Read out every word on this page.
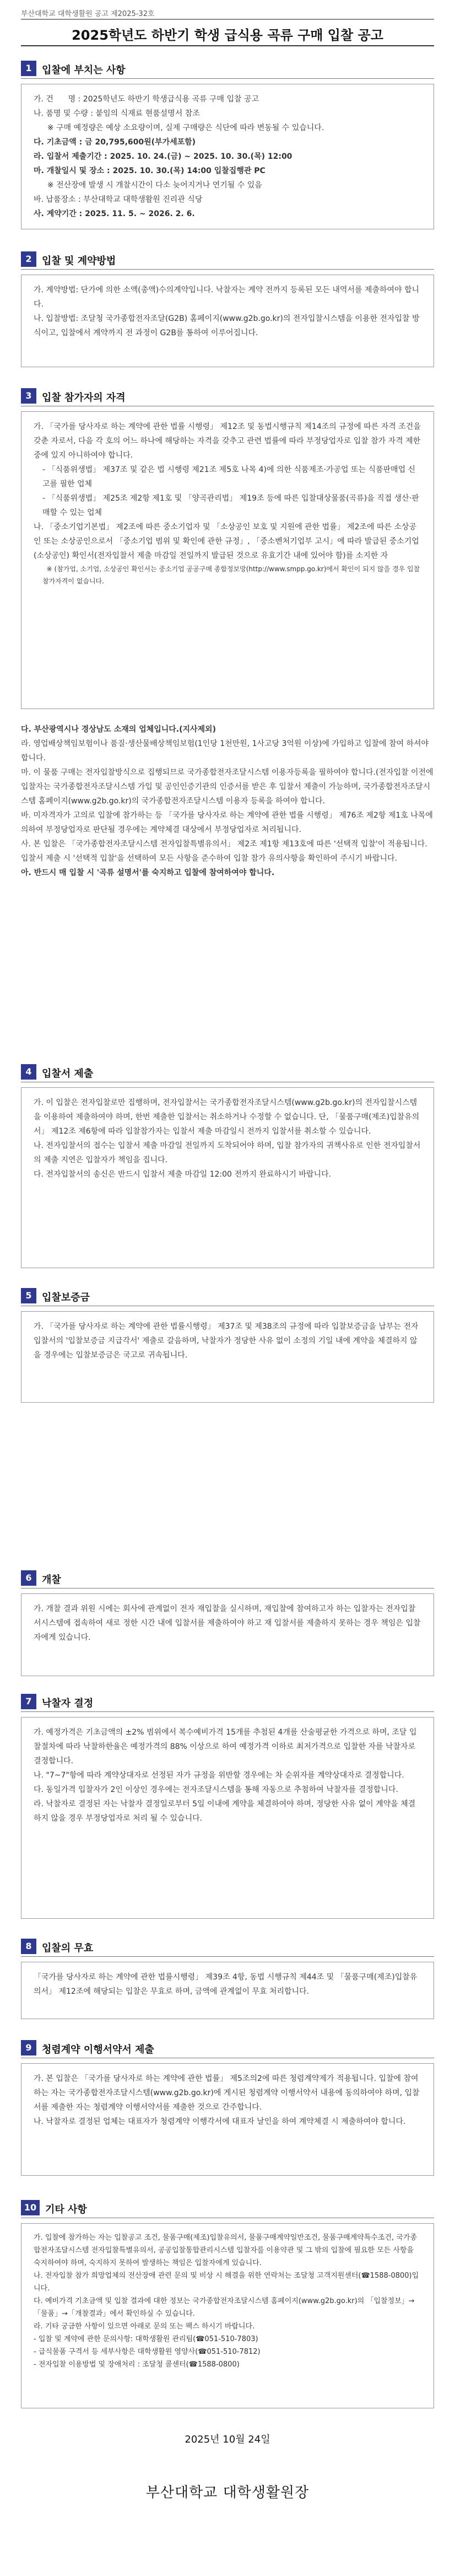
부산대학교 대학생활원 공고 제2025-32호
2025학년도 하반기 학생 급식용 곡류 구매 입찰 공고
1	입찰에 부치는 사항

가. 건      명 : 2025학년도 하반기 학생급식용 곡류 구매 입찰 공고

나. 품명 및 수량 : 붙임의 식재료 현품설명서 참조

※ 구매 예정량은 예상 소요량이며, 실제 구매량은 식단에 따라 변동될 수 있습니다.

다. 기초금액 : 금 20,795,600원(부가세포함)

라. 입찰서 제출기간 : 2025. 10. 24.(금) ~ 2025. 10. 30.(목) 12:00

마. 개찰일시 및 장소 : 2025. 10. 30.(목) 14:00 입찰집행관 PC

※ 전산장애 발생 시 개찰시간이 다소 늦어지거나 연기될 수 있음

바. 납품장소 : 부산대학교 대학생활원 진리관 식당

사. 계약기간 : 2025. 11. 5. ~ 2026. 2. 6.

2	입찰 및 계약방법

가. 계약방법: 단가에 의한 소액(총액)수의계약입니다. 낙찰자는 계약 전까지 등록된 모든 내역서를 제출하여야 합니다.

나. 입찰방법: 조달청 국가종합전자조달(G2B) 홈페이지(www.g2b.go.kr)의 전자입찰시스템을 이용한 전자입찰 방식이고, 입찰에서 계약까지 전 과정이 G2B를 통하여 이루어집니다.

3	입찰 참가자의 자격

가. 「국가를 당사자로 하는 계약에 관한 법률 시행령」 제12조 및 동법시행규칙 제14조의 규정에 따른 자격 조건을 갖춘 자로서, 다음 각 호의 어느 하나에 해당하는 자격을 갖추고 관련 법률에 따라 부정당업자로 입찰 참가 자격 제한 중에 있지 아니하여야 합니다.

- 「식품위생법」 제37조 및 같은 법 시행령 제21조 제5호 나목 4)에 의한 식품제조·가공업 또는 식품판매업 신고를 필한 업체

- 「식품위생법」 제25조 제2항 제1호 및 「양곡관리법」 제19조 등에 따른 입찰대상물품(곡류)을 직접 생산·판매할 수 있는 업체

나. 「중소기업기본법」 제2조에 따른 중소기업자 및 「소상공인 보호 및 지원에 관한 법률」 제2조에 따른 소상공인 또는 소상공인으로서 「중소기업 범위 및 확인에 관한 규정」, 「중소벤처기업부 고시」에 따라 발급된 중소기업(소상공인) 확인서(전자입찰서 제출 마감일 전일까지 발급된 것으로 유효기간 내에 있어야 함)를 소지한 자

※ (참가업, 소기업, 소상공인 확인서는 중소기업 공공구매 종합정보망(http://www.smpp.go.kr)에서 확인이 되지 않을 경우 입찰참가자격이 없습니다.

다. 부산광역시나 경상남도 소재의 업체입니다.(지사제외)

라. 영업배상책임보험이나 품질·생산물배상책임보험(1인당 1천만원, 1사고당 3억원 이상)에 가입하고 입찰에 참여 하셔야 합니다.

마. 이 물품 구매는 전자입찰방식으로 집행되므로 국가종합전자조달시스템 이용자등록을 필하여야 합니다.(전자입찰 이전에 입찰자는 국가종합전자조달시스템 가입 및 공인인증기관의 인증서를 받은 후 입찰서 제출이 가능하며, 국가종합전자조달시스템 홈페이지(www.g2b.go.kr)의 국가종합전자조달시스템 이용자 등록을 하여야 합니다.

바. 미자격자가 고의로 입찰에 참가하는 등 「국가를 당사자로 하는 계약에 관한 법률 시행령」 제76조 제2항 제1호 나목에 의하여 부정당업자로 판단될 경우에는 계약체결 대상에서 부정당업자로 처리됩니다.

사. 본 입찰은 「국가종합전자조달시스템 전자입찰특별유의서」 제2조 제1항 제13호에 따른 '선택적 입찰'이 적용됩니다. 입찰서 제출 시 '선택적 입찰'을 선택하여 모든 사항을 준수하여 입찰 참가 유의사항을 확인하여 주시기 바랍니다.

아. 반드시 매 입찰 시 '곡류 설명서'를 숙지하고 입찰에 참여하여야 합니다.

4	입찰서 제출

가. 이 입찰은 전자입찰로만 집행하며, 전자입찰서는 국가종합전자조달시스템(www.g2b.go.kr)의 전자입찰시스템을 이용하여 제출하여야 하며, 한번 제출한 입찰서는 취소하거나 수정할 수 없습니다. 단, 「물품구매(제조)입찰유의서」 제12조 제6항에 따라 입찰참가자는 입찰서 제출 마감일시 전까지 입찰서를 취소할 수 있습니다.

나. 전자입찰서의 접수는 입찰서 제출 마감일 전일까지 도착되어야 하며, 입찰 참가자의 귀책사유로 인한 전자입찰서의 제출 지연은 입찰자가 책임을 집니다.

다. 전자입찰서의 송신은 반드시 입찰서 제출 마감일 12:00 전까지 완료하시기 바랍니다.

5	입찰보증금

가. 「국가를 당사자로 하는 계약에 관한 법률시행령」 제37조 및 제38조의 규정에 따라 입찰보증금을 납부는 전자입찰서의 '입찰보증금 지급각서' 제출로 갈음하며, 낙찰자가 정당한 사유 없이 소정의 기일 내에 계약을 체결하지 않을 경우에는 입찰보증금은 국고로 귀속됩니다.

6	개찰

가. 개찰 결과 위원 시에는 회사에 관계없이 전자 재입찰을 실시하며, 재입찰에 참여하고자 하는 입찰자는 전자입찰서시스템에 접속하여 새로 정한 시간 내에 입찰서를 제출하여야 하고 재 입찰서를 제출하지 못하는 경우 책임은 입찰자에게 있습니다.

7	낙찰자 결정

가. 예정가격은 기초금액의 ±2% 범위에서 복수예비가격 15개를 추첨된 4개를 산술평균한 가격으로 하며, 조달 입찰절차에 따라 낙찰하한율은 예정가격의 88% 이상으로 하여 예정가격 이하로 최저가격으로 입찰한 자를 낙찰자로 결정합니다.

나. "7~7"항에 따라 계약상대자로 선정된 자가 규정을 위반할 경우에는 차 순위자를 계약상대자로 결정합니다.

다. 동일가격 입찰자가 2인 이상인 경우에는 전자조달시스템을 통해 자동으로 추첨하여 낙찰자를 결정합니다.

라. 낙찰자로 결정된 자는 낙찰자 결정일로부터 5일 이내에 계약을 체결하여야 하며, 정당한 사유 없이 계약을 체결하지 않을 경우 부정당업자로 처리 될 수 있습니다.

8	입찰의 무효

「국가를 당사자로 하는 계약에 관한 법률시행령」 제39조 4항, 동법 시행규칙 제44조 및 「물품구매(제조)입찰유의서」 제12조에 해당되는 입찰은 무효로 하며, 금액에 관계없이 무효 처리합니다.

9	청렴계약 이행서약서 제출

가. 본 입찰은 「국가를 당사자로 하는 계약에 관한 법률」 제5조의2에 따른 청렴계약제가 적용됩니다. 입찰에 참여하는 자는 국가종합전자조달시스템(www.g2b.go.kr)에 게시된 청렴계약 이행서약서 내용에 동의하여야 하며, 입찰서를 제출한 자는 청렴계약 이행서약서를 제출한 것으로 간주합니다.

나. 낙찰자로 결정된 업체는 대표자가 청렴계약 이행각서에 대표자 날인을 하여 계약체결 시 제출하여야 합니다.

10 기타 사항

가. 입찰에 참가하는 자는 입찰공고 조건, 물품구매(제조)입찰유의서, 물품구매계약일반조건, 물품구매계약특수조건, 국가종합전자조달시스템 전자입찰특별유의서, 공공입찰통합관리시스템 입찰자를 이용약관 및 그 밖의 입찰에 필요한 모든 사항을 숙지하여야 하며, 숙지하지 못하여 발생하는 책임은 입찰자에게 있습니다.

나. 전자입찰 참가 희망업체의 전산장애 관련 문의 및 비상 시 해결을 위한 연락처는 조달청 고객지원센터(☎1588-0800)입니다.

다. 예비가격 기초금액 및 입찰 결과에 대한 정보는 국가종합전자조달시스템 홈페이지(www.g2b.go.kr)의 「입찰정보」→「물품」→「개찰결과」에서 확인하실 수 있습니다.

라. 기타 궁금한 사항이 있으면 아래로 문의 또는 팩스 하시기 바랍니다.

- 입찰 및 계약에 관한 문의사항: 대학생활원 관리팀(☎051-510-7803)

- 급식물품 구격서 등 세부사항은 대학생활원 영양사(☎051-510-7812)

- 전자입찰 이용방법 및 장애처리 : 조달청 콜센터(☎1588-0800)

2025년 10월 24일
부산대학교 대학생활원장
